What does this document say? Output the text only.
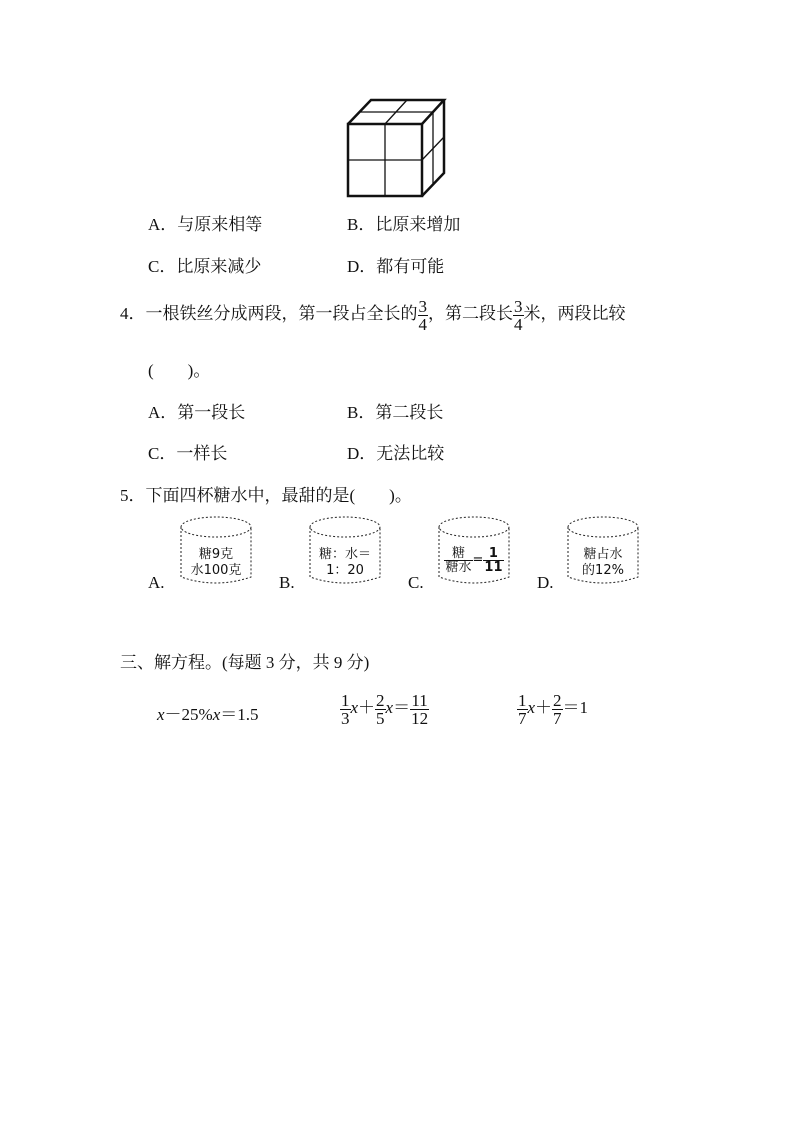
A．与原来相等	B．比原来增加
C．比原来减少	D．都有可能
4．一根铁丝分成两段，第一段占全长的 $\frac{3}{4}$ ，第二段长 $\frac{3}{4}$ 米，两段比较
(　　)。
A．第一段长	B．第二段长
C．一样长	D．无法比较
5．下面四杯糖水中，最甜的是(　　)。
A.
糖9克
水100克
B.
糖：水＝
1：20
C.
$\frac{\text{糖}}{\text{糖水}} = \frac{1}{11}$
D.
糖占水
的12%
三、解方程。(每题 3 分，共 9 分)
x－25%x＝1.5	$\frac{1}{3} x+ \frac{2}{5} x= \frac{11}{12}$	$\frac{1}{7} x+ \frac{2}{7} =1$
